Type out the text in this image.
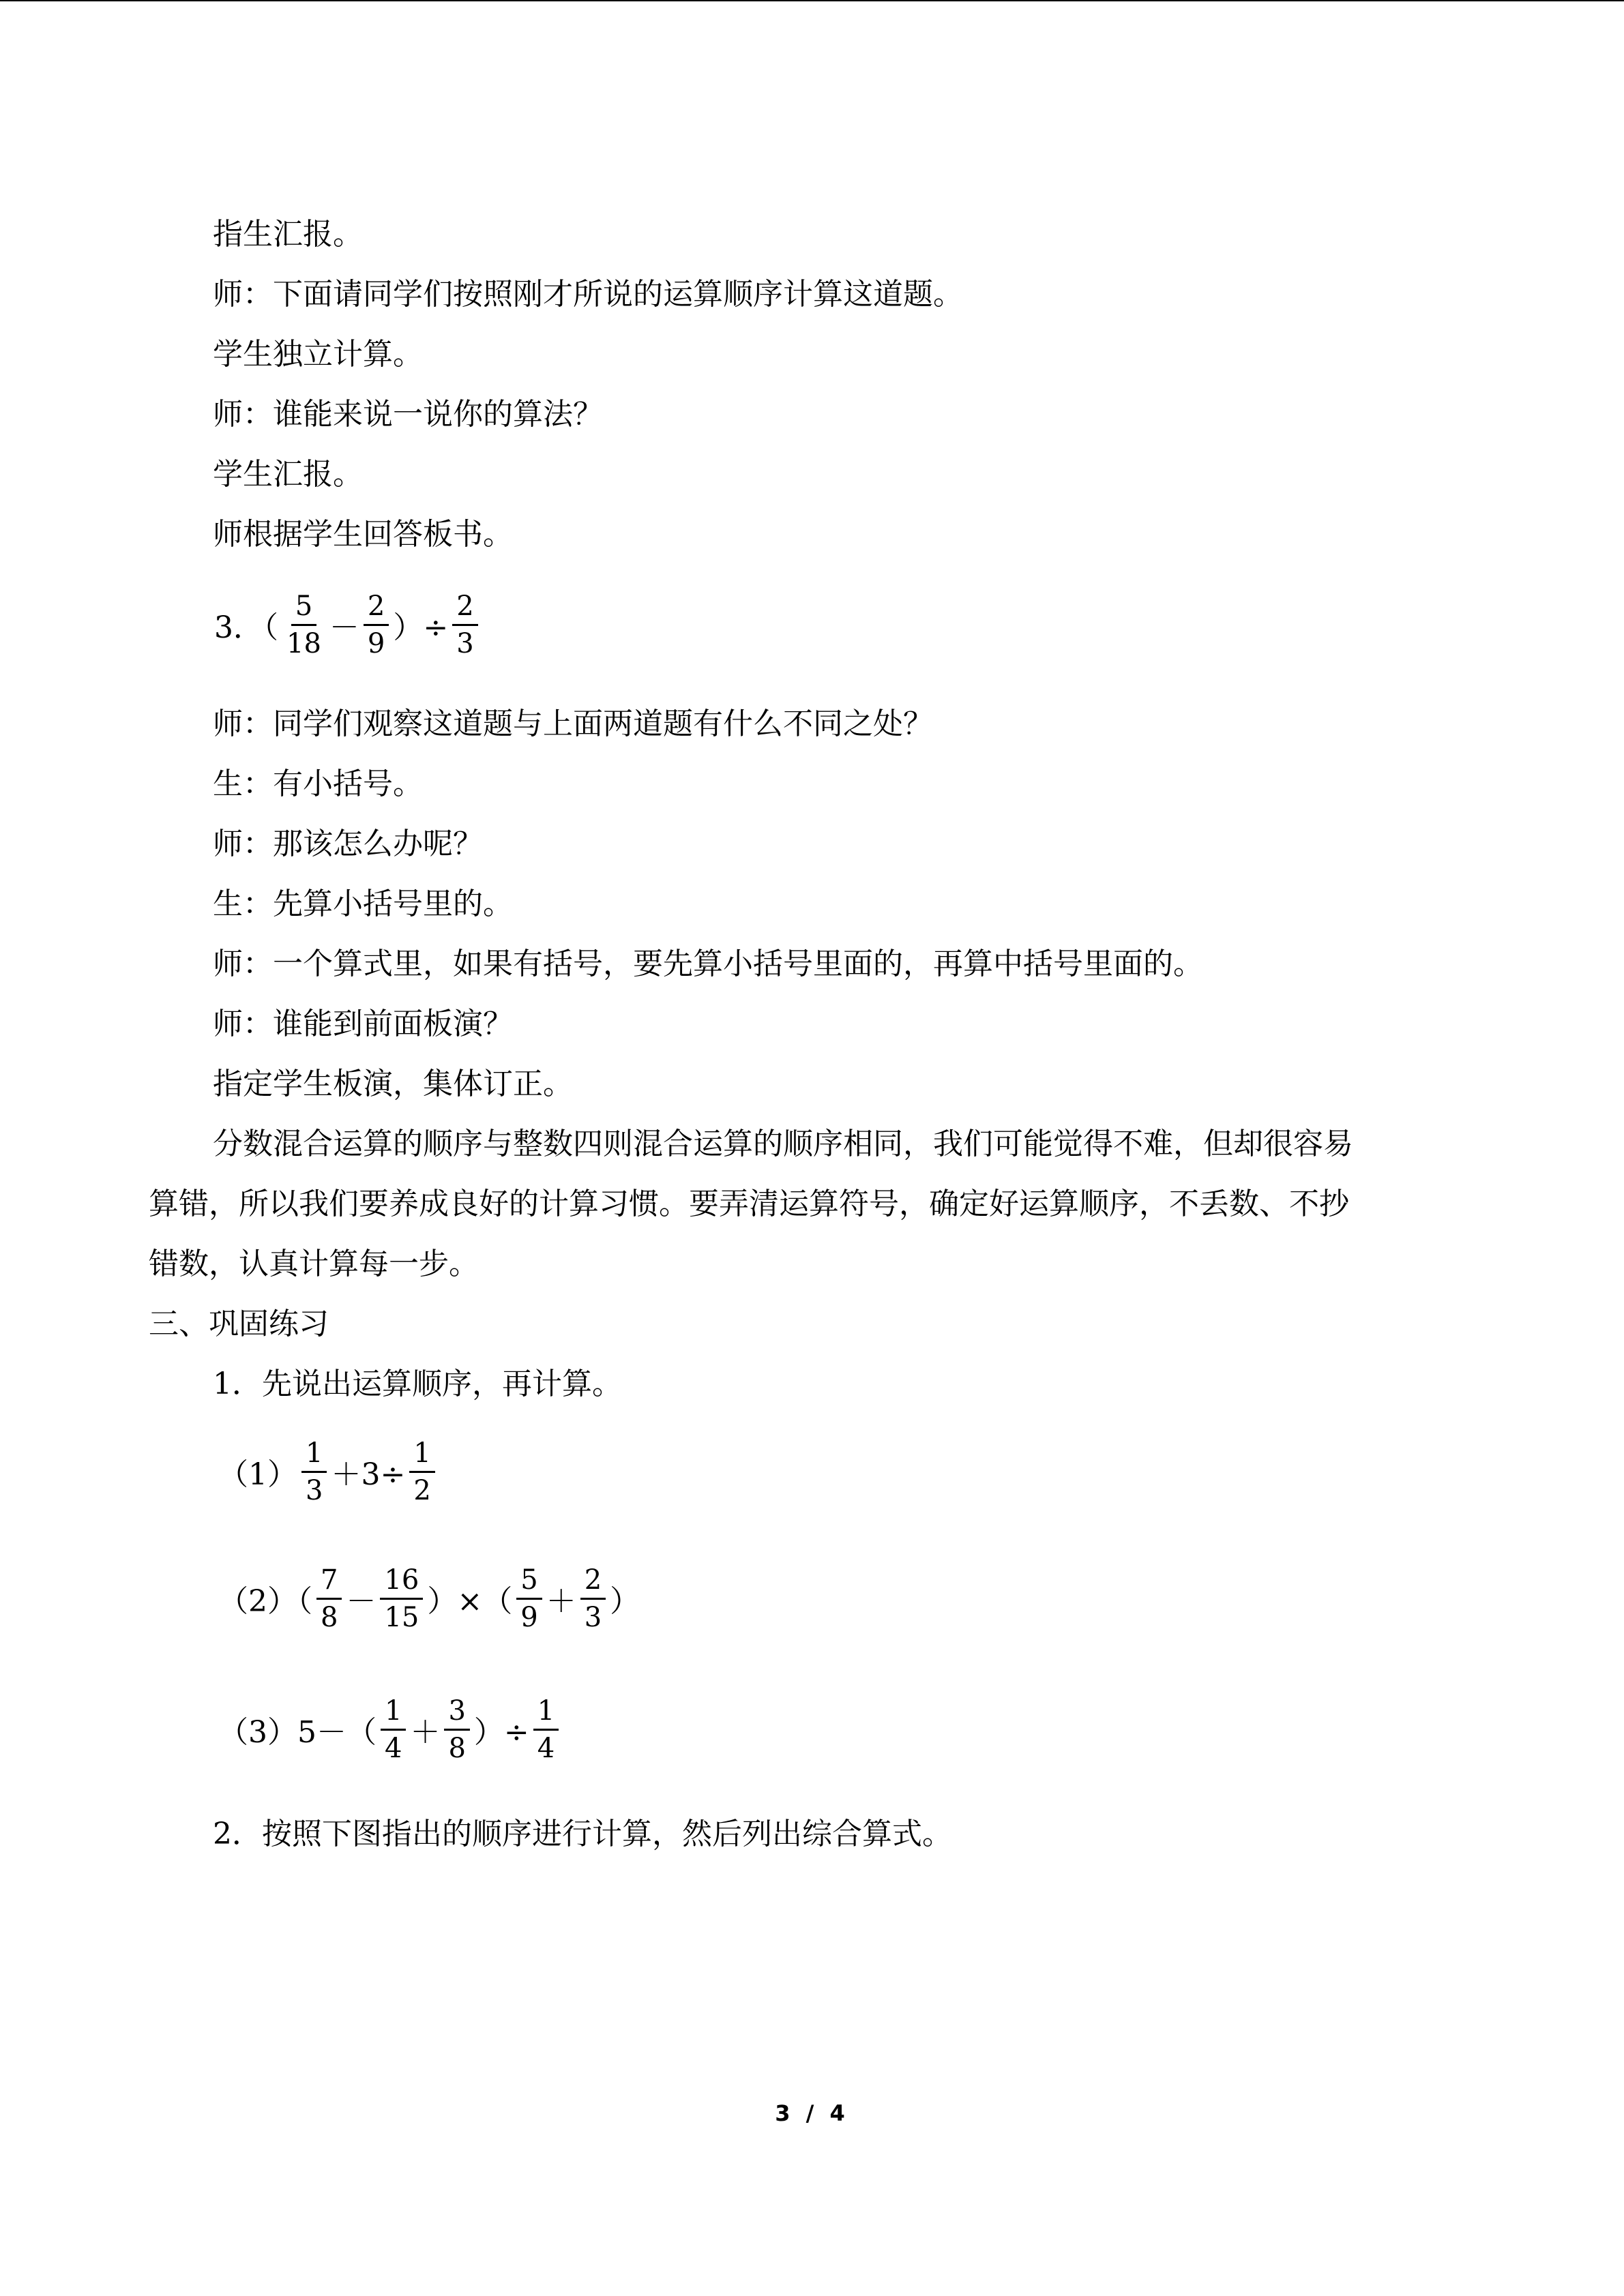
指生汇报。
师：下面请同学们按照刚才所说的运算顺序计算这道题。
学生独立计算。
师：谁能来说一说你的算法？
学生汇报。
师根据学生回答板书。
3．（ $\frac{5}{18} - \frac{2}{9}$ ）÷ $\frac{2}{3}$
师：同学们观察这道题与上面两道题有什么不同之处？
生：有小括号。
师：那该怎么办呢？
生：先算小括号里的。
师：一个算式里，如果有括号，要先算小括号里面的，再算中括号里面的。
师：谁能到前面板演？
指定学生板演，集体订正。
分数混合运算的顺序与整数四则混合运算的顺序相同，我们可能觉得不难，但却很容易
算错，所以我们要养成良好的计算习惯。要弄清运算符号，确定好运算顺序，不丢数、不抄
错数，认真计算每一步。
三、巩固练习
1．先说出运算顺序，再计算。
$(1) \frac{1}{3} +3\div \frac{1}{2}$
$(2)( \frac{7}{8} - \frac{16}{15}$ ）×（ $\frac{5}{9} + \frac{2}{3}$ ）
$(3)5-( \frac{1}{4} + \frac{3}{8}$ ）÷ $\frac{1}{4}$
2．按照下图指出的顺序进行计算，然后列出综合算式。
3 / 4
